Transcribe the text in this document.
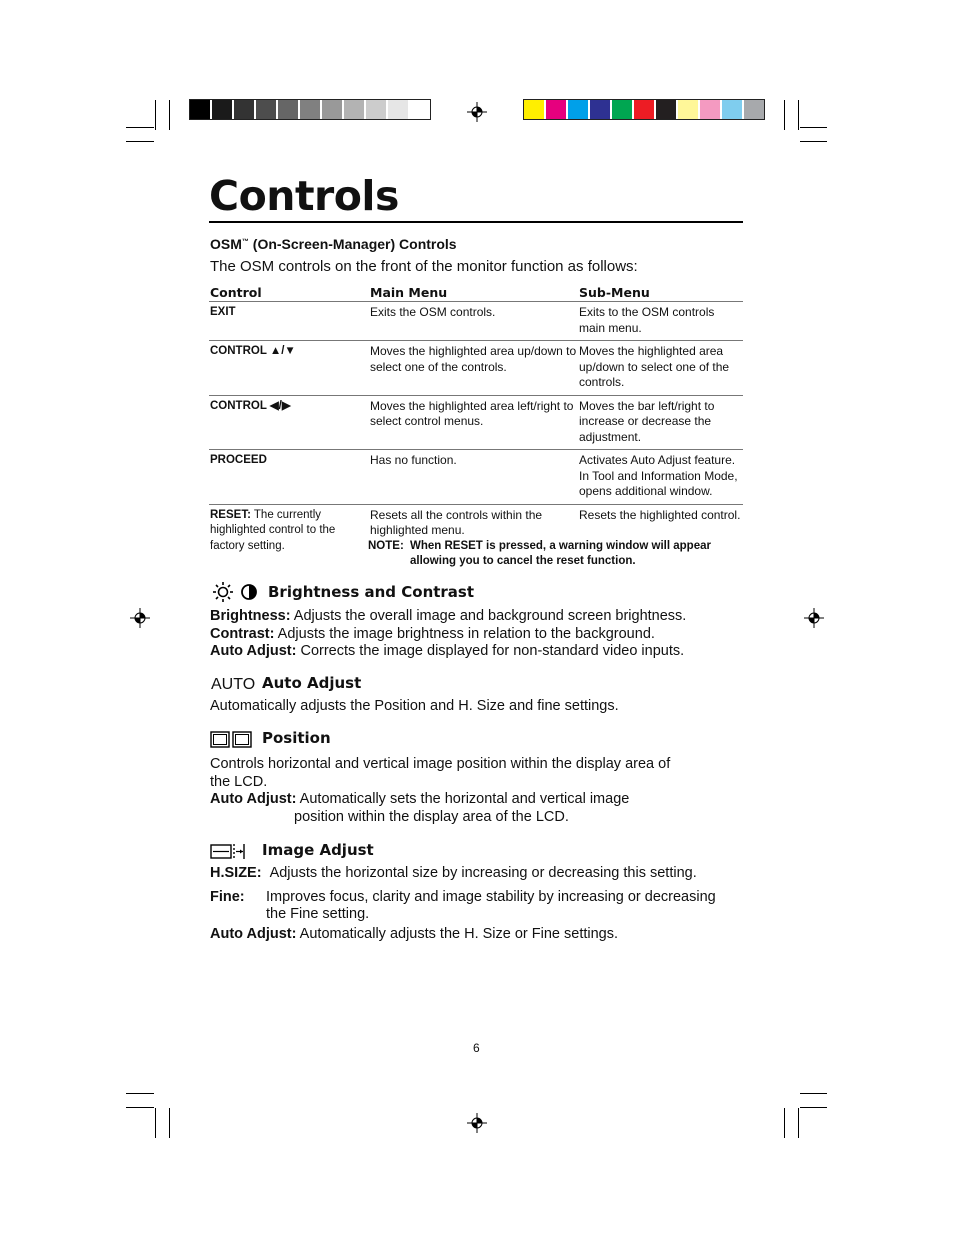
Controls
OSM™ (On-Screen-Manager) Controls
The OSM controls on the front of the monitor function as follows:
Control	Main Menu	Sub-Menu
EXIT	Exits the OSM controls.	Exits to the OSM controls main menu.
CONTROL ▲/▼	Moves the highlighted area up/down to select one of the controls.	Moves the highlighted area up/down to select one of the controls.
CONTROL ◀/▶	Moves the highlighted area left/right to select control menus.	Moves the bar left/right to increase or decrease the adjustment.
PROCEED	Has no function.	Activates Auto Adjust feature. In Tool and Information Mode, opens additional window.
RESET: The currently highlighted control to the factory setting.	Resets all the controls within the highlighted menu.	Resets the highlighted control.
NOTE: When RESET is pressed, a warning window will appear
allowing you to cancel the reset function.
Brightness and Contrast
Brightness: Adjusts the overall image and background screen brightness.
Contrast: Adjusts the image brightness in relation to the background.
Auto Adjust: Corrects the image displayed for non-standard video inputs.
AUTO Auto Adjust
Automatically adjusts the Position and H. Size and fine settings.
Position
Controls horizontal and vertical image position within the display area of
the LCD.
Auto Adjust: Automatically sets the horizontal and vertical image
position within the display area of the LCD.
Image Adjust
H.SIZE: Adjusts the horizontal size by increasing or decreasing this setting.
Fine:	Improves focus, clarity and image stability by increasing or decreasing
the Fine setting.
Auto Adjust: Automatically adjusts the H. Size or Fine settings.
6
